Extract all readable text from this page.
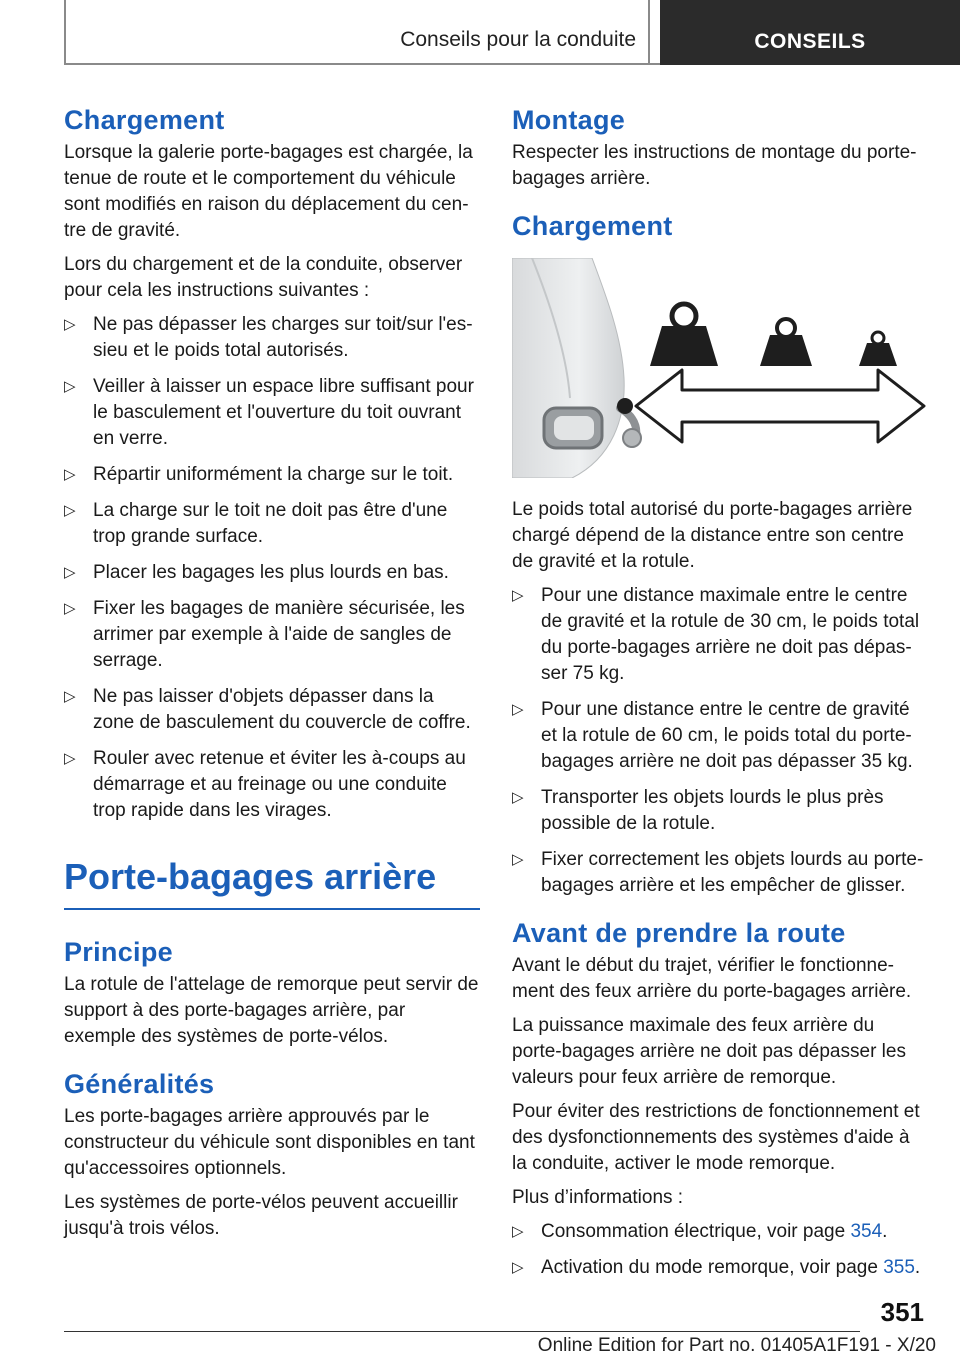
Conseils pour la conduite	CONSEILS
Chargement

Lorsque la galerie porte-bagages est chargée, la tenue de route et le comportement du véhicule sont modifiés en raison du déplacement du cen-tre de gravité.

Lors du chargement et de la conduite, observer pour cela les instructions suivantes :

▷ Ne pas dépasser les charges sur toit/sur l'es-sieu et le poids total autorisés.
▷ Veiller à laisser un espace libre suffisant pour le basculement et l'ouverture du toit ouvrant en verre.
▷ Répartir uniformément la charge sur le toit.
▷ La charge sur le toit ne doit pas être d'une trop grande surface.
▷ Placer les bagages les plus lourds en bas.
▷ Fixer les bagages de manière sécurisée, les arrimer par exemple à l'aide de sangles de serrage.
▷ Ne pas laisser d'objets dépasser dans la zone de basculement du couvercle de coffre.
▷ Rouler avec retenue et éviter les à-coups au démarrage et au freinage ou une conduite trop rapide dans les virages.
Porte-bagages arrière
Principe

La rotule de l'attelage de remorque peut servir de support à des porte-bagages arrière, par exemple des systèmes de porte-vélos.

Généralités

Les porte-bagages arrière approuvés par le constructeur du véhicule sont disponibles en tant qu'accessoires optionnels.

Les systèmes de porte-vélos peuvent accueillir jusqu'à trois vélos.

Montage

Respecter les instructions de montage du porte-bagages arrière.

Chargement

Le poids total autorisé du porte-bagages arrière chargé dépend de la distance entre son centre de gravité et la rotule.

▷ Pour une distance maximale entre le centre de gravité et la rotule de 30 cm, le poids total du porte-bagages arrière ne doit pas dépas-ser 75 kg.
▷ Pour une distance entre le centre de gravité et la rotule de 60 cm, le poids total du porte-bagages arrière ne doit pas dépasser 35 kg.
▷ Transporter les objets lourds le plus près possible de la rotule.
▷ Fixer correctement les objets lourds au porte-bagages arrière et les empêcher de glisser.
Avant de prendre la route

Avant le début du trajet, vérifier le fonctionne-ment des feux arrière du porte-bagages arrière.

La puissance maximale des feux arrière du porte-bagages arrière ne doit pas dépasser les valeurs pour feux arrière de remorque.

Pour éviter des restrictions de fonctionnement et des dysfonctionnements des systèmes d'aide à la conduite, activer le mode remorque.

Plus d’informations :

▷ Consommation électrique, voir page 354.
▷ Activation du mode remorque, voir page 355.
351
Online Edition for Part no. 01405A1F191 - X/20
